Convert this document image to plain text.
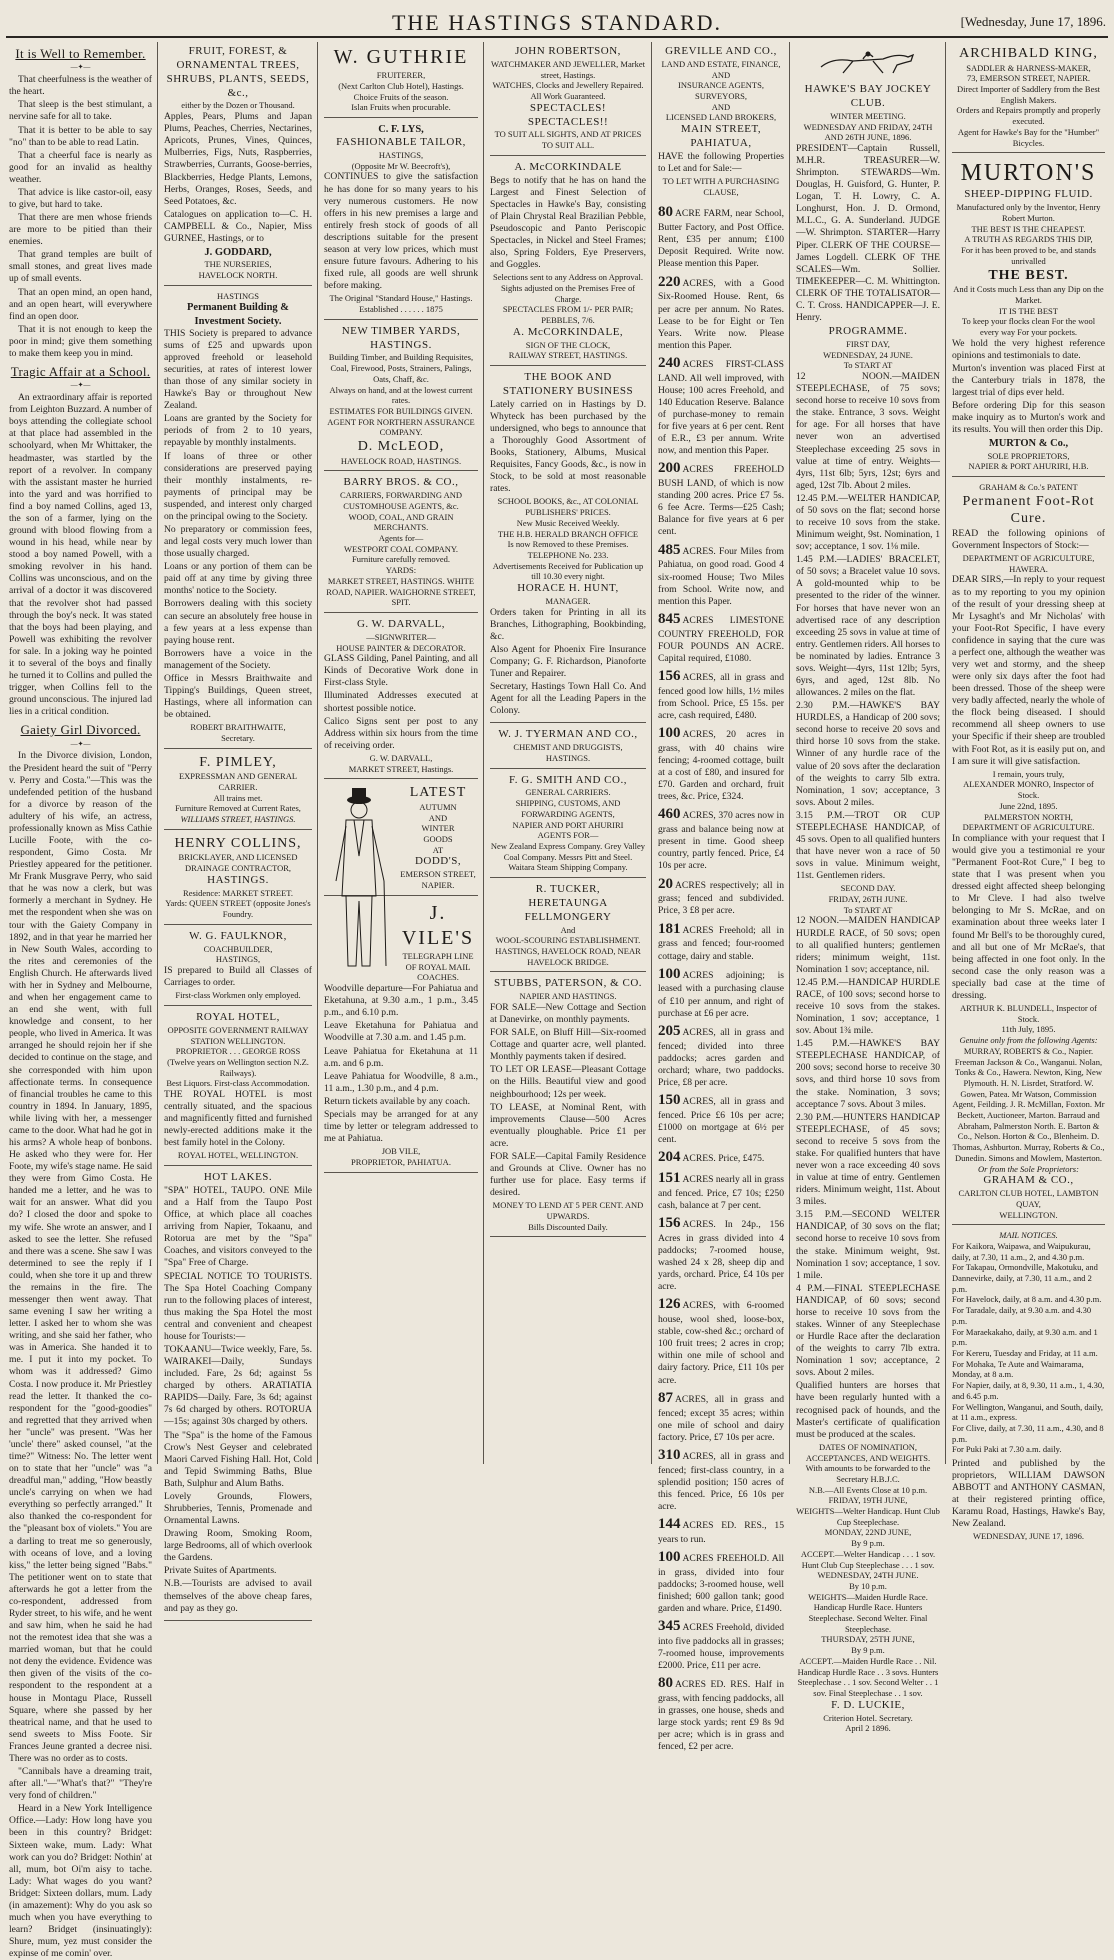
THE HASTINGS STANDARD.	[Wednesday, June 17, 1896.
It is Well to Remember.
—✦—

That cheerfulness is the weather of the heart.

That sleep is the best stimulant, a nervine safe for all to take.

That it is better to be able to say "no" than to be able to read Latin.

That a cheerful face is nearly as good for an invalid as healthy weather.

That advice is like castor-oil, easy to give, but hard to take.

That there are men whose friends are more to be pitied than their enemies.

That grand temples are built of small stones, and great lives made up of small events.

That an open mind, an open hand, and an open heart, will everywhere find an open door.

That it is not enough to keep the poor in mind; give them something to make them keep you in mind.

Tragic Affair at a School.
—✦—

An extraordinary affair is reported from Leighton Buzzard. A number of boys attending the collegiate school at that place had assembled in the schoolyard, when Mr Whittaker, the headmaster, was startled by the report of a revolver. In company with the assistant master he hurried into the yard and was horrified to find a boy named Collins, aged 13, the son of a farmer, lying on the ground with blood flowing from a wound in his head, while near by stood a boy named Powell, with a smoking revolver in his hand. Collins was unconscious, and on the arrival of a doctor it was discovered that the revolver shot had passed through the boy's neck. It was stated that the boys had been playing, and Powell was exhibiting the revolver for sale. In a joking way he pointed it to several of the boys and finally he turned it to Collins and pulled the trigger, when Collins fell to the ground unconscious. The injured lad lies in a critical condition.

Gaiety Girl Divorced.
—✦—

In the Divorce division, London, the President heard the suit of "Perry v. Perry and Costa."—This was the undefended petition of the husband for a divorce by reason of the adultery of his wife, an actress, professionally known as Miss Cathie Lucille Foote, with the co-respondent, Gimo Costa. Mr Priestley appeared for the petitioner. Mr Frank Musgrave Perry, who said that he was now a clerk, but was formerly a merchant in Sydney. He met the respondent when she was on tour with the Gaiety Company in 1892, and in that year he married her in New South Wales, according to the rites and ceremonies of the English Church. He afterwards lived with her in Sydney and Melbourne, and when her engagement came to an end she went, with full knowledge and consent, to her people, who lived in America. It was arranged he should rejoin her if she decided to continue on the stage, and she corresponded with him upon affectionate terms. In consequence of financial troubles he came to this country in 1894. In January, 1895, while living with her, a messenger came to the door. What had he got in his arms? A whole heap of bonbons. He asked who they were for. Her Foote, my wife's stage name. He said they were from Gimo Costa. He handed me a letter, and he was to wait for an answer. What did you do? I closed the door and spoke to my wife. She wrote an answer, and I asked to see the letter. She refused and there was a scene. She saw I was determined to see the reply if I could, when she tore it up and threw the remains in the fire. The messenger then went away. That same evening I saw her writing a letter. I asked her to whom she was writing, and she said her father, who was in America. She handed it to me. I put it into my pocket. To whom was it addressed? Gimo Costa. I now produce it. Mr Priestley read the letter. It thanked the co-respondent for the "good-goodies" and regretted that they arrived when her "uncle" was present. "Was her 'uncle' there" asked counsel, "at the time?" Witness: No. The letter went on to state that her "uncle" was "a dreadful man," adding, "How beastly uncle's carrying on when we had everything so perfectly arranged." It also thanked the co-respondent for the "pleasant box of violets." You are a darling to treat me so generously, with oceans of love, and a loving kiss," the letter being signed "Babs." The petitioner went on to state that afterwards he got a letter from the co-respondent, addressed from Ryder street, to his wife, and he went and saw him, when he said he had not the remotest idea that she was a married woman, but that he could not deny the evidence. Evidence was then given of the visits of the co-respondent to the respondent at a house in Montagu Place, Russell Square, where she passed by her theatrical name, and that he used to send sweets to Miss Foote. Sir Frances Jeune granted a decree nisi. There was no order as to costs.

"Cannibals have a dreaming trait, after all."—"What's that?" "They're very fond of children."

Heard in a New York Intelligence Office.—Lady: How long have you been in this country? Bridget: Sixteen wake, mum. Lady: What work can you do? Bridget: Nothin' at all, mum, bot Oi'm aisy to tache. Lady: What wages do you want? Bridget: Sixteen dollars, mum. Lady (in amazement): Why do you ask so much when you have everything to learn? Bridget (insinuatingly): Shure, mum, yez must consider the expinse of me comin' over.

FRUIT, FOREST, & ORNAMENTAL TREES, SHRUBS, PLANTS, SEEDS, &c.,
either by the Dozen or Thousand.

Apples, Pears, Plums and Japan Plums, Peaches, Cherries, Nectarines, Apricots, Prunes, Vines, Quinces, Mulberries, Figs, Nuts, Raspberries, Strawberries, Currants, Goose-berries, Blackberries, Hedge Plants, Lemons, Herbs, Oranges, Roses, Seeds, and Seed Potatoes, &c.

Catalogues on application to—C. H. CAMPBELL & Co., Napier, Miss GURNEE, Hastings, or to

J. GODDARD,
THE NURSERIES,
HAVELOCK NORTH.
HASTINGS
Permanent Building & Investment Society.

THIS Society is prepared to advance sums of £25 and upwards upon approved freehold or leasehold securities, at rates of interest lower than those of any similar society in Hawke's Bay or throughout New Zealand.

Loans are granted by the Society for periods of from 2 to 10 years, repayable by monthly instalments.

If loans of three or other considerations are preserved paying their monthly instalments, re-payments of principal may be suspended, and interest only charged on the principal owing to the Society.

No preparatory or commission fees, and legal costs very much lower than those usually charged.

Loans or any portion of them can be paid off at any time by giving three months' notice to the Society.

Borrowers dealing with this society can secure an absolutely free house in a few years at a less expense than paying house rent.

Borrowers have a voice in the management of the Society.

Office in Messrs Braithwaite and Tipping's Buildings, Queen street, Hastings, where all information can be obtained.

ROBERT BRAITHWAITE,
Secretary.
F. PIMLEY,
EXPRESSMAN AND GENERAL CARRIER.
All trains met.
Furniture Removed at Current Rates,
WILLIAMS STREET, HASTINGS.
HENRY COLLINS,
BRICKLAYER, AND LICENSED DRAINAGE CONTRACTOR,
HASTINGS.
Residence: MARKET STREET.
Yards: QUEEN STREET (opposite Jones's Foundry.
W. G. FAULKNOR,
COACHBUILDER,
HASTINGS,

IS prepared to Build all Classes of Carriages to order.

First-class Workmen only employed.
ROYAL HOTEL,
OPPOSITE GOVERNMENT RAILWAY STATION WELLINGTON.
PROPRIETOR . . . GEORGE ROSS
(Twelve years on Wellington section N.Z. Railways).
Best Liquors. First-class Accommodation.

THE ROYAL HOTEL is most centrally situated, and the spacious and magnificently fitted and furnished newly-erected additions make it the best family hotel in the Colony.

ROYAL HOTEL, WELLINGTON.
HOT LAKES.

"SPA" HOTEL, TAUPO. ONE Mile and a Half from the Taupo Post Office, at which place all coaches arriving from Napier, Tokaanu, and Rotorua are met by the "Spa" Coaches, and visitors conveyed to the "Spa" Free of Charge.

SPECIAL NOTICE TO TOURISTS. The Spa Hotel Coaching Company run to the following places of interest, thus making the Spa Hotel the most central and convenient and cheapest house for Tourists:—

TOKAANU—Twice weekly, Fare, 5s. WAIRAKEI—Daily, Sundays included. Fare, 2s 6d; against 5s charged by others. ARATIATIA RAPIDS—Daily. Fare, 3s 6d; against 7s 6d charged by others. ROTORUA—15s; against 30s charged by others.

The "Spa" is the home of the Famous Crow's Nest Geyser and celebrated Maori Carved Fishing Hall. Hot, Cold and Tepid Swimming Baths, Blue Bath, Sulphur and Alum Baths.

Lovely Grounds, Flowers, Shrubberies, Tennis, Promenade and Ornamental Lawns.

Drawing Room, Smoking Room, large Bedrooms, all of which overlook the Gardens.

Private Suites of Apartments.

N.B.—Tourists are advised to avail themselves of the above cheap fares, and pay as they go.

W. GUTHRIE
FRUITERER,
(Next Carlton Club Hotel), Hastings.
Choice Fruits of the season.
Islan Fruits when procurable.
C. F. LYS,
FASHIONABLE TAILOR,
HASTINGS,
(Opposite Mr W. Beecroft's),

CONTINUES to give the satisfaction he has done for so many years to his very numerous customers. He now offers in his new premises a large and entirely fresh stock of goods of all descriptions suitable for the present season at very low prices, which must ensure future favours. Adhering to his fixed rule, all goods are well shrunk before making.

The Original "Standard House," Hastings.
Established . . . . . . 1875
NEW TIMBER YARDS, HASTINGS.
Building Timber, and Building Requisites, Coal, Firewood, Posts, Strainers, Palings, Oats, Chaff, &c.
Always on hand, and at the lowest current rates.
ESTIMATES FOR BUILDINGS GIVEN.
AGENT FOR NORTHERN ASSURANCE COMPANY.
D. McLEOD,
HAVELOCK ROAD, HASTINGS.
BARRY BROS. & CO.,
CARRIERS, FORWARDING AND CUSTOMHOUSE AGENTS, &c.
WOOD, COAL, AND GRAIN MERCHANTS.
Agents for—
WESTPORT COAL COMPANY.
Furniture carefully removed.
YARDS:
MARKET STREET, HASTINGS. WHITE ROAD, NAPIER. WAIGHORNE STREET, SPIT.
G. W. DARVALL,
—SIGNWRITER—
HOUSE PAINTER & DECORATOR.

GLASS Gilding, Panel Painting, and all Kinds of Decorative Work done in First-class Style.

Illuminated Addresses executed at shortest possible notice.

Calico Signs sent per post to any Address within six hours from the time of receiving order.

G. W. DARVALL,
MARKET STREET, Hastings.
LATEST
AUTUMN
AND
WINTER
GOODS
AT
DODD'S,
EMERSON STREET,
NAPIER.
J. VILE'S
TELEGRAPH LINE OF ROYAL MAIL COACHES.

Woodville departure—For Pahiatua and Eketahuna, at 9.30 a.m., 1 p.m., 3.45 p.m., and 6.10 p.m.

Leave Eketahuna for Pahiatua and Woodville at 7.30 a.m. and 1.45 p.m.

Leave Pahiatua for Eketahuna at 11 a.m. and 6 p.m.

Leave Pahiatua for Woodville, 8 a.m., 11 a.m., 1.30 p.m., and 4 p.m.

Return tickets available by any coach.

Specials may be arranged for at any time by letter or telegram addressed to me at Pahiatua.

JOB VILE,
PROPRIETOR, PAHIATUA.
JOHN ROBERTSON,
WATCHMAKER AND JEWELLER, Market street, Hastings.
WATCHES, Clocks and Jewellery Repaired.
All Work Guaranteed.
SPECTACLES! SPECTACLES!!
TO SUIT ALL SIGHTS, AND AT PRICES TO SUIT ALL.
A. McCORKINDALE

Begs to notify that he has on hand the Largest and Finest Selection of Spectacles in Hawke's Bay, consisting of Plain Chrystal Real Brazilian Pebble, Pseudoscopic and Panto Periscopic Spectacles, in Nickel and Steel Frames; also, Spring Folders, Eye Preservers, and Goggles.

Selections sent to any Address on Approval.
Sights adjusted on the Premises Free of Charge.
SPECTACLES FROM 1/- PER PAIR; PEBBLES, 7/6.
A. McCORKINDALE,
SIGN OF THE CLOCK,
RAILWAY STREET, HASTINGS.
THE BOOK AND STATIONERY BUSINESS

Lately carried on in Hastings by D. Whyteck has been purchased by the undersigned, who begs to announce that a Thoroughly Good Assortment of Books, Stationery, Albums, Musical Requisites, Fancy Goods, &c., is now in Stock, to be sold at most reasonable rates.

SCHOOL BOOKS, &c., AT COLONIAL PUBLISHERS' PRICES.
New Music Received Weekly.
THE H.B. HERALD BRANCH OFFICE
Is now Removed to these Premises.
TELEPHONE No. 233.
Advertisements Received for Publication up till 10.30 every night.
HORACE H. HUNT,
MANAGER.

Orders taken for Printing in all its Branches, Lithographing, Bookbinding, &c.

Also Agent for Phoenix Fire Insurance Company; G. F. Richardson, Pianoforte Tuner and Repairer.

Secretary, Hastings Town Hall Co. And Agent for all the Leading Papers in the Colony.

W. J. TYERMAN AND CO.,
CHEMIST AND DRUGGISTS,
HASTINGS.
F. G. SMITH AND CO.,
GENERAL CARRIERS.
SHIPPING, CUSTOMS, AND FORWARDING AGENTS,
NAPIER AND PORT AHURIRI
AGENTS FOR—
New Zealand Express Company. Grey Valley Coal Company. Messrs Pitt and Steel. Waitara Steam Shipping Company.
R. TUCKER,
HERETAUNGA FELLMONGERY
And
WOOL-SCOURING ESTABLISHMENT.
HASTINGS, HAVELOCK ROAD, NEAR HAVELOCK BRIDGE.
STUBBS, PATERSON, & CO.
NAPIER AND HASTINGS.

FOR SALE—New Cottage and Section at Danevirke, on monthly payments.

FOR SALE, on Bluff Hill—Six-roomed Cottage and quarter acre, well planted. Monthly payments taken if desired.

TO LET OR LEASE—Pleasant Cottage on the Hills. Beautiful view and good neighbourhood; 12s per week.

TO LEASE, at Nominal Rent, with improvements Clause—500 Acres eventually ploughable. Price £1 per acre.

FOR SALE—Capital Family Residence and Grounds at Clive. Owner has no further use for place. Easy terms if desired.

MONEY TO LEND AT 5 PER CENT. AND UPWARDS.
Bills Discounted Daily.
GREVILLE AND CO.,
LAND AND ESTATE, FINANCE,
AND
INSURANCE AGENTS,
SURVEYORS,
AND
LICENSED LAND BROKERS,
MAIN STREET, PAHIATUA,

HAVE the following Properties to Let and for Sale:—

TO LET WITH A PURCHASING CLAUSE,
80 ACRE FARM, near School, Butter Factory, and Post Office. Rent, £35 per annum; £100 Deposit Required. Write now. Please mention this Paper.
220 ACRES, with a Good Six-Roomed House. Rent, 6s per acre per annum. No Rates. Lease to be for Eight or Ten Years. Write now. Please mention this Paper.
240 ACRES FIRST-CLASS LAND. All well improved, with House; 100 acres Freehold, and 140 Education Reserve. Balance of purchase-money to remain for five years at 6 per cent. Rent of E.R., £3 per annum. Write now, and mention this Paper.
200 ACRES FREEHOLD BUSH LAND, of which is now standing 200 acres. Price £7 5s. 6 fee Acre. Terms—£25 Cash; Balance for five years at 6 per cent.
485 ACRES. Four Miles from Pahiatua, on good road. Good 4 six-roomed House; Two Miles from School. Write now, and mention this Paper.
845 ACRES LIMESTONE COUNTRY FREEHOLD, FOR FOUR POUNDS AN ACRE. Capital required, £1080.
156 ACRES, all in grass and fenced good low hills, 1½ miles from School. Price, £5 15s. per acre, cash required, £480.
100 ACRES, 20 acres in grass, with 40 chains wire fencing; 4-roomed cottage, built at a cost of £80, and insured for £70. Garden and orchard, fruit trees, &c. Price, £324.
460 ACRES, 370 acres now in grass and balance being now at present in time. Good sheep country, partly fenced. Price, £4 10s per acre.
20 ACRES respectively; all in grass; fenced and subdivided. Price, 3 £8 per acre.
181 ACRES Freehold; all in grass and fenced; four-roomed cottage, dairy and stable.
100 ACRES adjoining; is leased with a purchasing clause of £10 per annum, and right of purchase at £6 per acre.
205 ACRES, all in grass and fenced; divided into three paddocks; acres garden and orchard; whare, two paddocks. Price, £8 per acre.
150 ACRES, all in grass and fenced. Price £6 10s per acre; £1000 on mortgage at 6½ per cent.
204 ACRES. Price, £475.
151 ACRES nearly all in grass and fenced. Price, £7 10s; £250 cash, balance at 7 per cent.
156 ACRES. In 24p., 156 Acres in grass divided into 4 paddocks; 7-roomed house, washed 24 x 28, sheep dip and yards, orchard. Price, £4 10s per acre.
126 ACRES, with 6-roomed house, wool shed, loose-box, stable, cow-shed &c.; orchard of 100 fruit trees; 2 acres in crop; within one mile of school and dairy factory. Price, £11 10s per acre.
87 ACRES, all in grass and fenced; except 35 acres; within one mile of school and dairy factory. Price, £7 10s per acre.
310 ACRES, all in grass and fenced; first-class country, in a splendid position; 150 acres of this fenced. Price, £6 10s per acre.
144 ACRES ED. RES., 15 years to run.
100 ACRES FREEHOLD. All in grass, divided into four paddocks; 3-roomed house, well finished; 600 gallon tank; good garden and whare. Price, £1490.
345 ACRES Freehold, divided into five paddocks all in grasses; 7-roomed house, improvements £2000. Price, £11 per acre.
80 ACRES ED. RES. Half in grass, with fencing paddocks, all in grasses, one house, sheds and large stock yards; rent £9 8s 9d per acre; which is in grass and fenced, £2 per acre.
HAWKE'S BAY JOCKEY CLUB.
WINTER MEETING.
WEDNESDAY AND FRIDAY, 24TH AND 26TH JUNE, 1896.

PRESIDENT—Captain Russell, M.H.R. TREASURER—W. Shrimpton. STEWARDS—Wm. Douglas, H. Guisford, G. Hunter, P. Logan, T. H. Lowry, C. A. Longhurst, Hon. J. D. Ormond, M.L.C., G. A. Sunderland. JUDGE—W. Shrimpton. STARTER—Harry Piper. CLERK OF THE COURSE—James Logdell. CLERK OF THE SCALES—Wm. Sollier. TIMEKEEPER—C. M. Whittington. CLERK OF THE TOTALISATOR—C. T. Cross. HANDICAPPER—J. E. Henry.

PROGRAMME.
FIRST DAY,
WEDNESDAY, 24 JUNE.
To START AT

12 NOON.—MAIDEN STEEPLECHASE, of 75 sovs; second horse to receive 10 sovs from the stake. Entrance, 3 sovs. Weight for age. For all horses that have never won an advertised Steeplechase exceeding 25 sovs in value at time of entry. Weights—4yrs, 11st 6lb; 5yrs, 12st; 6yrs and aged, 12st 7lb. About 2 miles.

12.45 P.M.—WELTER HANDICAP, of 50 sovs on the flat; second horse to receive 10 sovs from the stake. Minimum weight, 9st. Nomination, 1 sov; acceptance, 1 sov. 1⅛ mile.

1.45 P.M.—LADIES' BRACELET, of 50 sovs; a Bracelet value 10 sovs. A gold-mounted whip to be presented to the rider of the winner. For horses that have never won an advertised race of any description exceeding 25 sovs in value at time of entry. Gentlemen riders. All horses to be nominated by ladies. Entrance 3 sovs. Weight—4yrs, 11st 12lb; 5yrs, 6yrs, and aged, 12st 8lb. No allowances. 2 miles on the flat.

2.30 P.M.—HAWKE'S BAY HURDLES, a Handicap of 200 sovs; second horse to receive 20 sovs and third horse 10 sovs from the stake. Winner of any hurdle race of the value of 20 sovs after the declaration of the weights to carry 5lb extra. Nomination, 1 sov; acceptance, 3 sovs. About 2 miles.

3.15 P.M.—TROT OR CUP STEEPLECHASE HANDICAP, of 45 sovs. Open to all qualified hunters that have never won a race of 50 sovs in value. Minimum weight, 11st. Gentlemen riders.

SECOND DAY.
FRIDAY, 26TH JUNE.
To START AT

12 NOON.—MAIDEN HANDICAP HURDLE RACE, of 50 sovs; open to all qualified hunters; gentlemen riders; minimum weight, 11st. Nomination 1 sov; acceptance, nil.

12.45 P.M.—HANDICAP HURDLE RACE, of 100 sovs; second horse to receive 10 sovs from the stakes. Nomination, 1 sov; acceptance, 1 sov. About 1¾ mile.

1.45 P.M.—HAWKE'S BAY STEEPLECHASE HANDICAP, of 200 sovs; second horse to receive 30 sovs, and third horse 10 sovs from the stake. Nomination, 3 sovs; acceptance 7 sovs. About 3 miles.

2.30 P.M.—HUNTERS HANDICAP STEEPLECHASE, of 45 sovs; second to receive 5 sovs from the stake. For qualified hunters that have never won a race exceeding 40 sovs in value at time of entry. Gentlemen riders. Minimum weight, 11st. About 3 miles.

3.15 P.M.—SECOND WELTER HANDICAP, of 30 sovs on the flat; second horse to receive 10 sovs from the stake. Minimum weight, 9st. Nomination 1 sov; acceptance, 1 sov. 1 mile.

4 P.M.—FINAL STEEPLECHASE HANDICAP, of 60 sovs; second horse to receive 10 sovs from the stakes. Winner of any Steeplechase or Hurdle Race after the declaration of the weights to carry 7lb extra. Nomination 1 sov; acceptance, 2 sovs. About 2 miles.

Qualified hunters are horses that have been regularly hunted with a recognised pack of hounds, and the Master's certificate of qualification must be produced at the scales.

DATES OF NOMINATION, ACCEPTANCES, AND WEIGHTS.
With amounts to be forwarded to the Secretary H.B.J.C.
N.B.—All Events Close at 10 p.m.
FRIDAY, 19TH JUNE,
WEIGHTS—Welter Handicap. Hunt Club Cup Steeplechase.
MONDAY, 22ND JUNE,
By 9 p.m.
ACCEPT.—Welter Handicap . . . 1 sov. Hunt Club Cup Steeplechase . . . 1 sov.
WEDNESDAY, 24TH JUNE.
By 10 p.m.
WEIGHTS—Maiden Hurdle Race. Handicap Hurdle Race. Hunters Steeplechase. Second Welter. Final Steeplechase.
THURSDAY, 25TH JUNE,
By 9 p.m.
ACCEPT.—Maiden Hurdle Race . . Nil. Handicap Hurdle Race . . 3 sovs. Hunters Steeplechase . . 1 sov. Second Welter . . 1 sov. Final Steeplechase . . 1 sov.
F. D. LUCKIE,
Criterion Hotel. Secretary.
April 2 1896.
ARCHIBALD KING,
SADDLER & HARNESS-MAKER,
73, EMERSON STREET, NAPIER.
Direct Importer of Saddlery from the Best English Makers.
Orders and Repairs promptly and properly executed.
Agent for Hawke's Bay for the "Humber" Bicycles.
MURTON'S
SHEEP-DIPPING FLUID.
Manufactured only by the Inventor, Henry Robert Murton.
THE BEST IS THE CHEAPEST.
A TRUTH AS REGARDS THIS DIP,
For it has been proved to be, and stands unrivalled
THE BEST.
And it Costs much Less than any Dip on the Market.
IT IS THE BEST
To keep your flocks clean For the wool every way For your pockets.

We hold the very highest reference opinions and testimonials to date.

Murton's invention was placed First at the Canterbury trials in 1878, the largest trial of dips ever held.

Before ordering Dip for this season make inquiry as to Murton's work and its results. You will then order this Dip.

MURTON & Co.,
SOLE PROPRIETORS,
NAPIER & PORT AHURIRI, H.B.
GRAHAM & Co.'s PATENT
Permanent Foot-Rot Cure.

READ the following opinions of Government Inspectors of Stock:—

DEPARTMENT OF AGRICULTURE, HAWERA.

DEAR SIRS,—In reply to your request as to my reporting to you my opinion of the result of your dressing sheep at Mr Lysaght's and Mr Nicholas' with your Foot-Rot Specific, I have every confidence in saying that the cure was a perfect one, although the weather was very wet and stormy, and the sheep were only six days after the foot had been dressed. Those of the sheep were very badly affected, nearly the whole of the flock being diseased. I should recommend all sheep owners to use your Specific if their sheep are troubled with Foot Rot, as it is easily put on, and I am sure it will give satisfaction.

I remain, yours truly,
ALEXANDER MONRO, Inspector of Stock.
June 22nd, 1895.
PALMERSTON NORTH,
DEPARTMENT OF AGRICULTURE.

In compliance with your request that I would give you a testimonial re your "Permanent Foot-Rot Cure," I beg to state that I was present when you dressed eight affected sheep belonging to Mr Cleve. I had also twelve belonging to Mr S. McRae, and on examination about three weeks later I found Mr Bell's to be thoroughly cured, and all but one of Mr McRae's, that being affected in one foot only. In the second case the only reason was a specially bad case at the time of dressing.

ARTHUR K. BLUNDELL, Inspector of Stock.
11th July, 1895.
Genuine only from the following Agents:
MURRAY, ROBERTS & Co., Napier. Freeman Jackson & Co., Wanganui. Nolan, Tonks & Co., Hawera. Newton, King, New Plymouth. H. N. Lisrdet, Stratford. W. Gowen, Patea. Mr Watson, Commission Agent, Feilding. J. R. McMillan, Foxton. Mr Beckett, Auctioneer, Marton. Barraud and Abraham, Palmerston North. E. Barton & Co., Nelson. Horton & Co., Blenheim. D. Thomas, Ashburton. Murray, Roberts & Co., Dunedin. Simons and Mowlem, Masterton.
Or from the Sole Proprietors:
GRAHAM & CO.,
CARLTON CLUB HOTEL, LAMBTON QUAY,
WELLINGTON.
MAIL NOTICES.
For Kaikora, Waipawa, and Waipukurau, daily, at 7.30, 11 a.m., 2, and 4.30 p.m.
For Takapau, Ormondville, Makotuku, and Dannevirke, daily, at 7.30, 11 a.m., and 2 p.m.
For Havelock, daily, at 8 a.m. and 4.30 p.m.
For Taradale, daily, at 9.30 a.m. and 4.30 p.m.
For Maraekakaho, daily, at 9.30 a.m. and 1 p.m.
For Kereru, Tuesday and Friday, at 11 a.m.
For Mohaka, Te Aute and Waimarama, Monday, at 8 a.m.
For Napier, daily, at 8, 9.30, 11 a.m., 1, 4.30, and 6.45 p.m.
For Wellington, Wanganui, and South, daily, at 11 a.m., express.
For Clive, daily, at 7.30, 11 a.m., 4.30, and 8 p.m.
For Puki Paki at 7.30 a.m. daily.

Printed and published by the proprietors, WILLIAM DAWSON ABBOTT and ANTHONY CASMAN, at their registered printing office, Karamu Road, Hastings, Hawke's Bay, New Zealand.

WEDNESDAY, JUNE 17, 1896.
